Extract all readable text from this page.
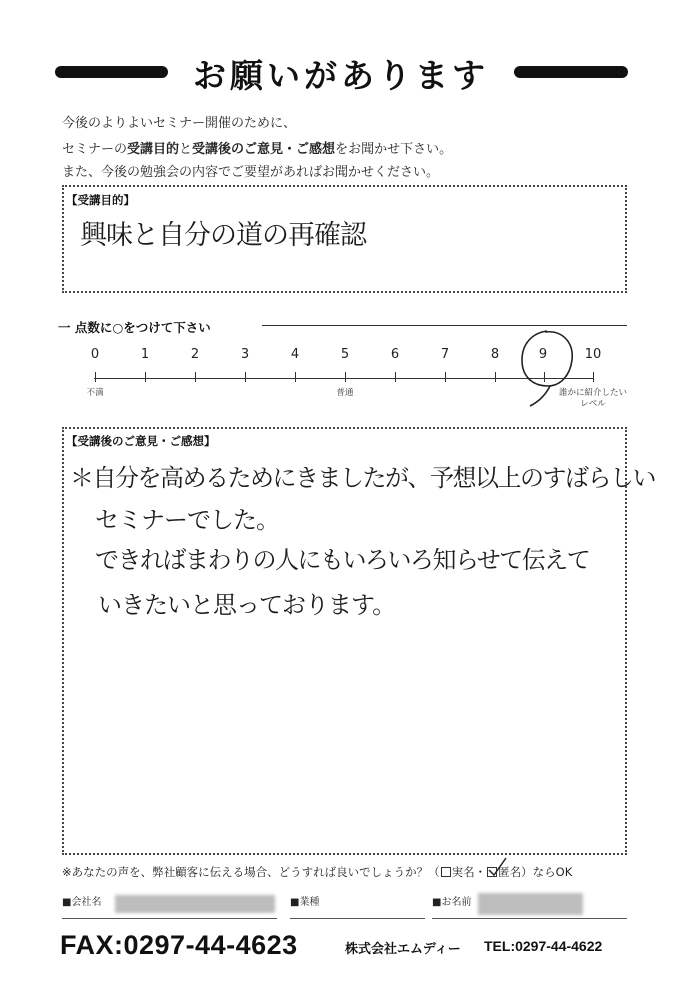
お願いがあります
今後のよりよいセミナー開催のために、
セミナーの受講目的と受講後のご意見・ご感想をお聞かせ下さい。
また、今後の勉強会の内容でご要望があればお聞かせください。
【受講目的】
興味と自分の道の再確認
一 点数に○をつけて下さい
0	1	2	3	4	5	6	7	8	9	10
不満	普通	誰かに紹介したい
レベル
【受講後のご意見・ご感想】
＊自分を高めるためにきましたが、予想以上のすばらしい
セミナーでした。
できればまわりの人にもいろいろ知らせて伝えて
いきたいと思っております。
※あなたの声を、弊社顧客に伝える場合、どうすれば良いでしょうか？（ 実名・ 匿名）ならOK
■会社名	■業種	■お名前
FAX:0297-44-4623	株式会社エムディー TEL:0297-44-4622
